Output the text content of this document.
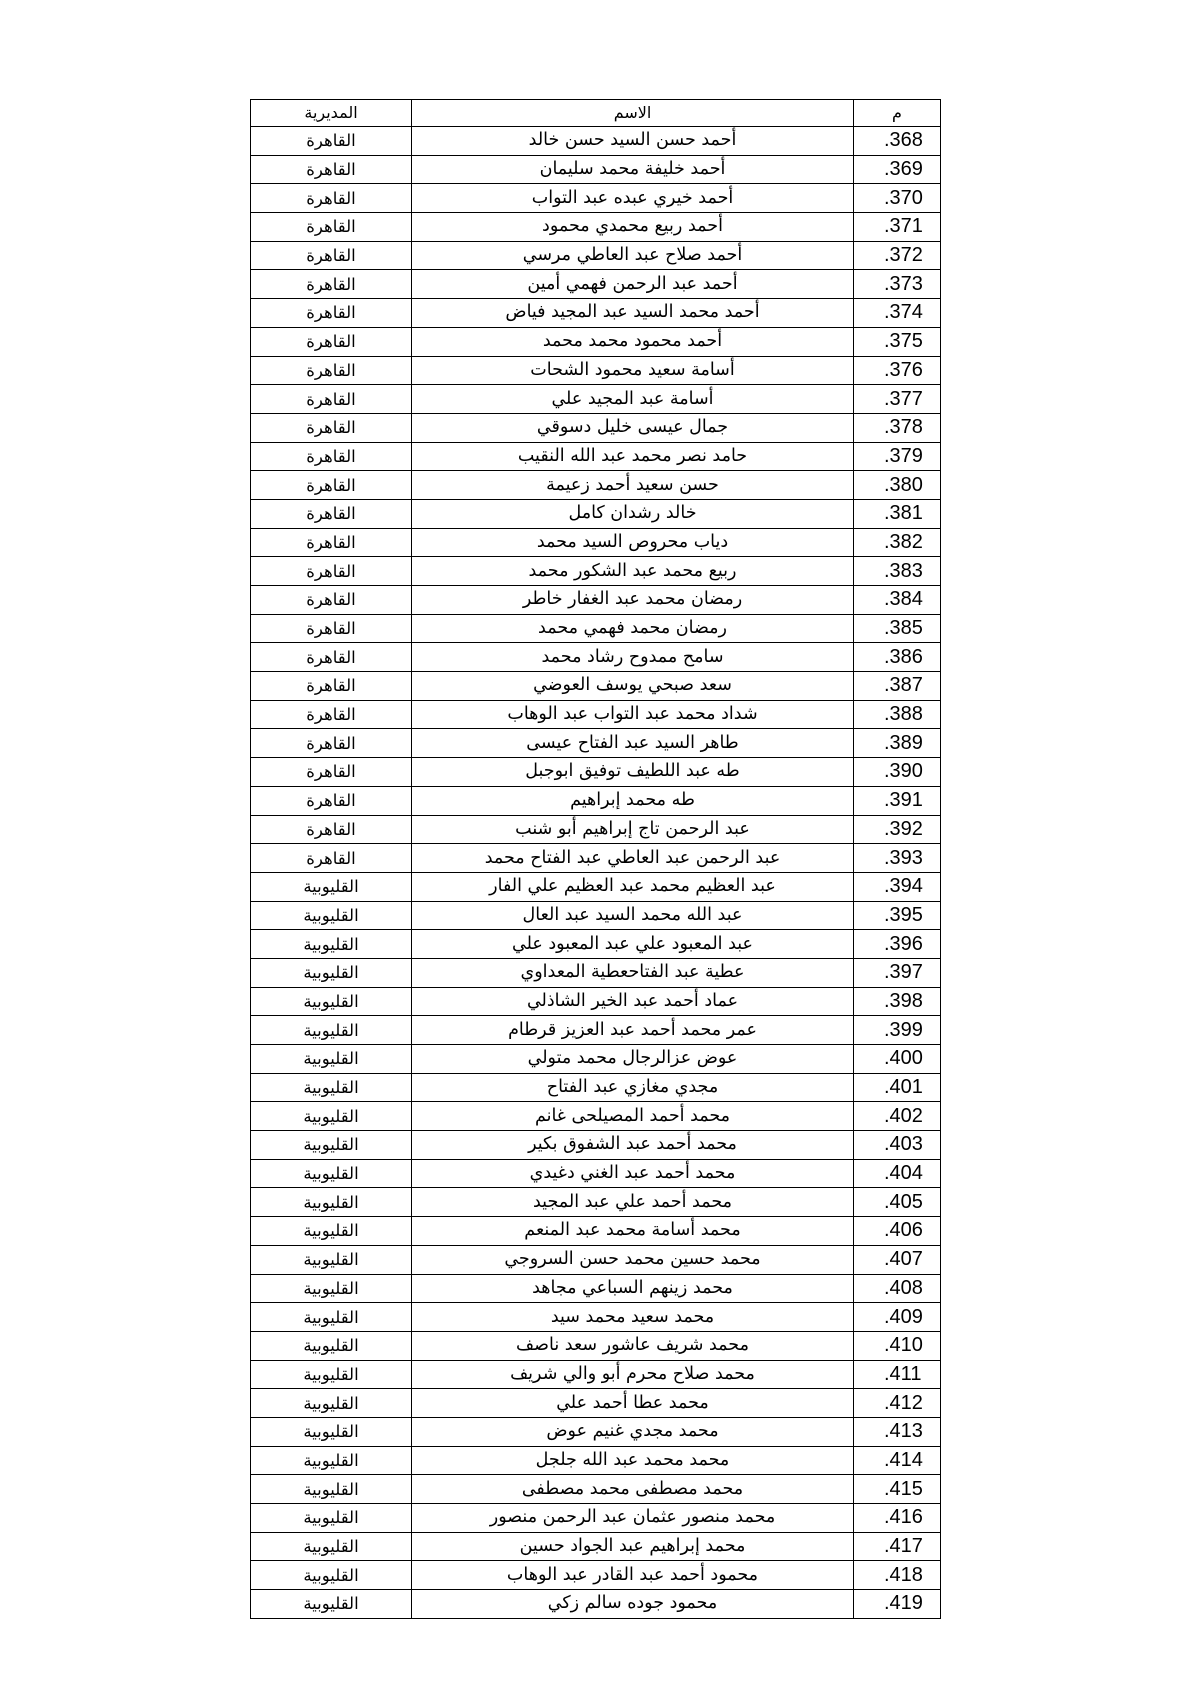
م	الاسم	المديرية
.368	أحمد حسن السيد حسن خالد	القاهرة
.369	أحمد خليفة محمد سليمان	القاهرة
.370	أحمد خيري عبده عبد التواب	القاهرة
.371	أحمد ربيع محمدي محمود	القاهرة
.372	أحمد صلاح عبد العاطي مرسي	القاهرة
.373	أحمد عبد الرحمن فهمي أمين	القاهرة
.374	أحمد محمد السيد عبد المجيد فياض	القاهرة
.375	أحمد محمود محمد محمد	القاهرة
.376	أسامة سعيد محمود الشحات	القاهرة
.377	أسامة عبد المجيد علي	القاهرة
.378	جمال عيسى خليل دسوقي	القاهرة
.379	حامد نصر محمد عبد الله النقيب	القاهرة
.380	حسن سعيد أحمد زعيمة	القاهرة
.381	خالد رشدان كامل	القاهرة
.382	دياب محروص السيد محمد	القاهرة
.383	ربيع محمد عبد الشكور محمد	القاهرة
.384	رمضان محمد عبد الغفار خاطر	القاهرة
.385	رمضان محمد فهمي محمد	القاهرة
.386	سامح ممدوح رشاد محمد	القاهرة
.387	سعد صبحي يوسف العوضي	القاهرة
.388	شداد محمد عبد التواب عبد الوهاب	القاهرة
.389	طاهر السيد عبد الفتاح عيسى	القاهرة
.390	طه عبد اللطيف توفيق ابوجبل	القاهرة
.391	طه محمد إبراهيم	القاهرة
.392	عبد الرحمن تاج إبراهيم أبو شنب	القاهرة
.393	عبد الرحمن عبد العاطي عبد الفتاح محمد	القاهرة
.394	عبد العظيم محمد عبد العظيم علي الفار	القليوبية
.395	عبد الله محمد السيد عبد العال	القليوبية
.396	عبد المعبود علي عبد المعبود علي	القليوبية
.397	عطية عبد الفتاحعطية المعداوي	القليوبية
.398	عماد أحمد عبد الخير الشاذلي	القليوبية
.399	عمر محمد أحمد عبد العزيز قرطام	القليوبية
.400	عوض عزالرجال محمد متولي	القليوبية
.401	مجدي مغازي عبد الفتاح	القليوبية
.402	محمد أحمد المصيلحى غانم	القليوبية
.403	محمد أحمد عبد الشفوق بكير	القليوبية
.404	محمد أحمد عبد الغني دغيدي	القليوبية
.405	محمد أحمد علي عبد المجيد	القليوبية
.406	محمد أسامة محمد عبد المنعم	القليوبية
.407	محمد حسين محمد حسن السروجي	القليوبية
.408	محمد زينهم السباعي مجاهد	القليوبية
.409	محمد سعيد محمد سيد	القليوبية
.410	محمد شريف عاشور سعد ناصف	القليوبية
.411	محمد صلاح محرم أبو والي شريف	القليوبية
.412	محمد عطا أحمد علي	القليوبية
.413	محمد مجدي غنيم عوض	القليوبية
.414	محمد محمد عبد الله جلجل	القليوبية
.415	محمد مصطفى محمد مصطفى	القليوبية
.416	محمد منصور عثمان عبد الرحمن منصور	القليوبية
.417	محمد إبراهيم عبد الجواد حسين	القليوبية
.418	محمود أحمد عبد القادر عبد الوهاب	القليوبية
.419	محمود جوده سالم زكي	القليوبية
